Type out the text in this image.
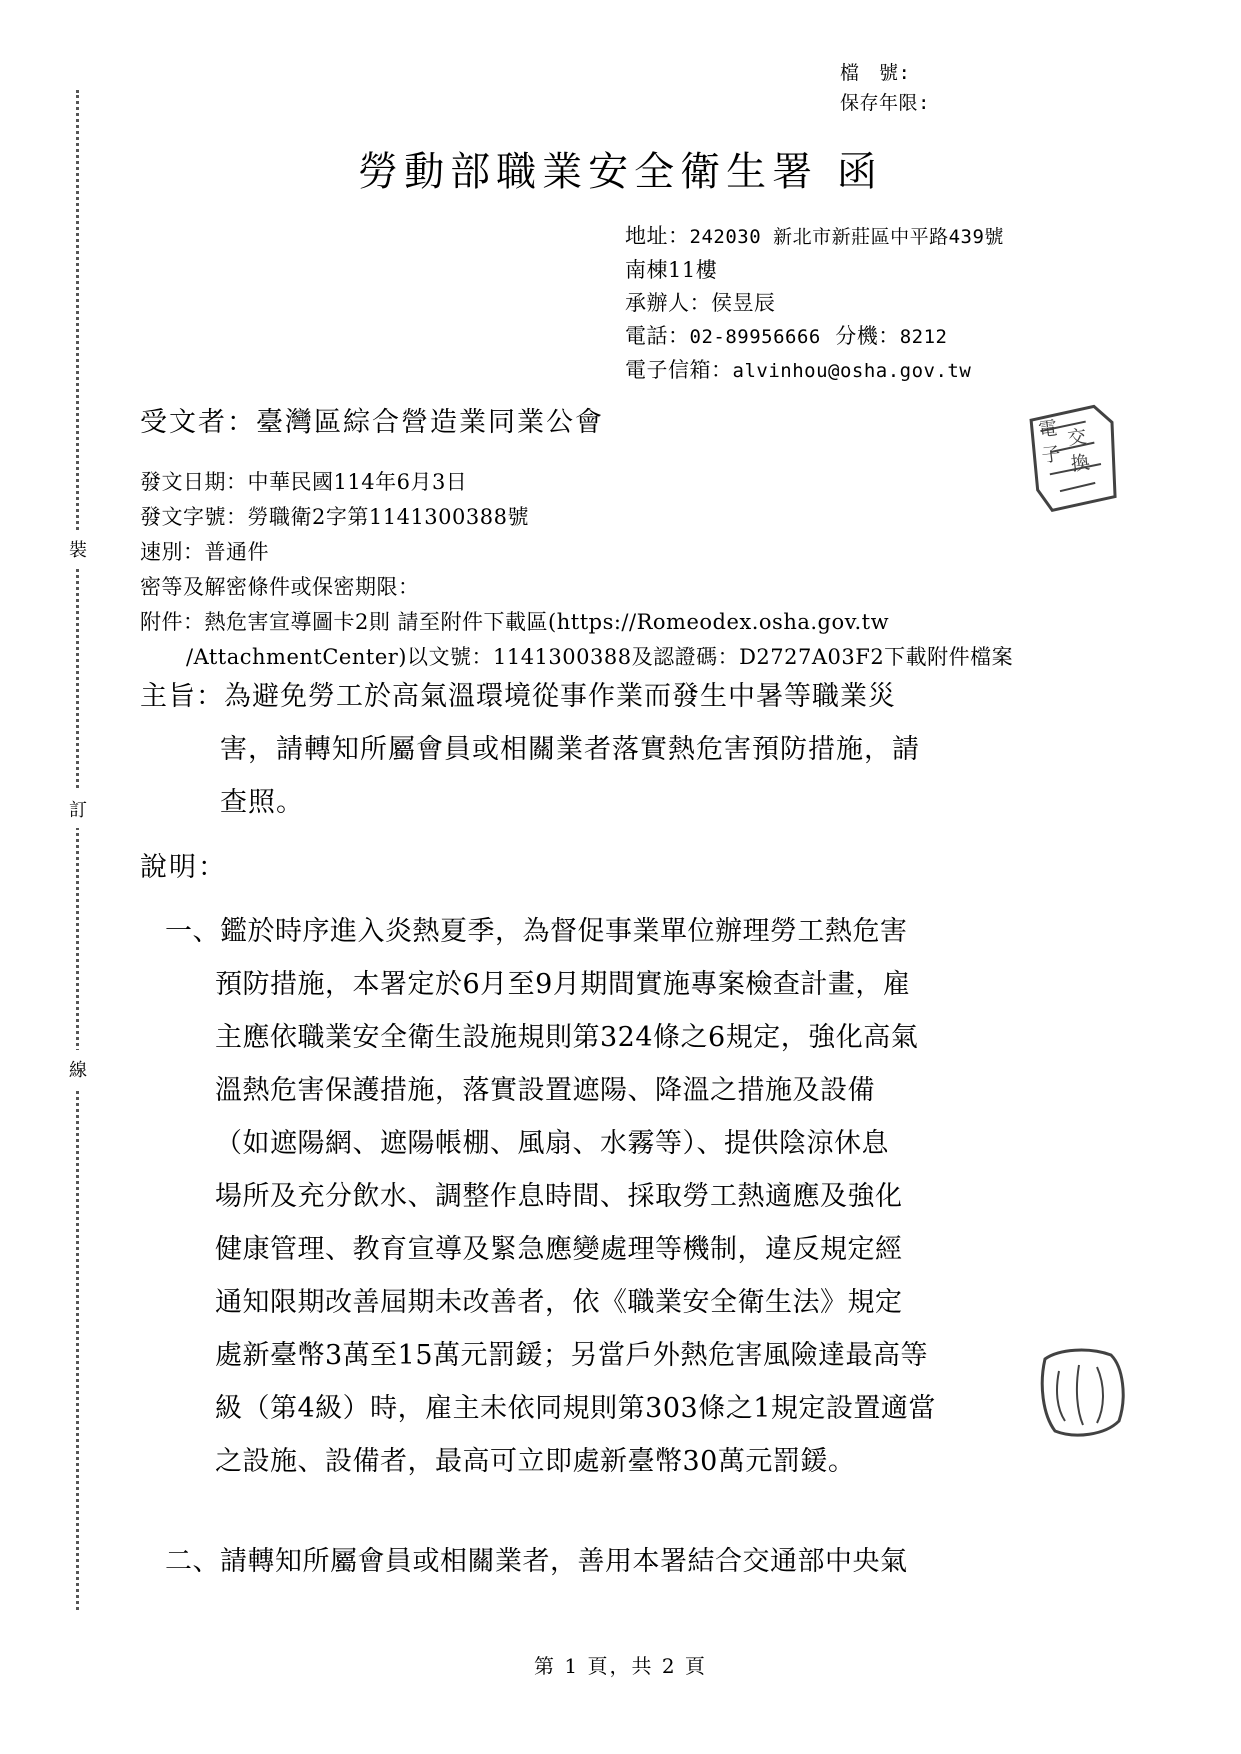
檔　號:
保存年限:
勞動部職業安全衛生署 函
地址：242030 新北市新莊區中平路439號
南棟11樓
承辦人：侯昱辰
電話：02-89956666 分機：8212
電子信箱：alvinhou@osha.gov.tw
受文者：臺灣區綜合營造業同業公會
發文日期：中華民國114年6月3日
發文字號：勞職衛2字第1141300388號
速別：普通件
密等及解密條件或保密期限：
附件：熱危害宣導圖卡2則 請至附件下載區(https://Romeodex.osha.gov.tw
/AttachmentCenter)以文號：1141300388及認證碼：D2727A03F2下載附件檔案
主旨：為避免勞工於高氣溫環境從事作業而發生中暑等職業災
害，請轉知所屬會員或相關業者落實熱危害預防措施，請
查照。
說明：
一、鑑於時序進入炎熱夏季，為督促事業單位辦理勞工熱危害
預防措施，本署定於6月至9月期間實施專案檢查計畫，雇
主應依職業安全衛生設施規則第324條之6規定，強化高氣
溫熱危害保護措施，落實設置遮陽、降溫之措施及設備
（如遮陽網、遮陽帳棚、風扇、水霧等）、提供陰涼休息
場所及充分飲水、調整作息時間、採取勞工熱適應及強化
健康管理、教育宣導及緊急應變處理等機制，違反規定經
通知限期改善屆期未改善者，依《職業安全衛生法》規定
處新臺幣3萬至15萬元罰鍰；另當戶外熱危害風險達最高等
級（第4級）時，雇主未依同規則第303條之1規定設置適當
之設施、設備者，最高可立即處新臺幣30萬元罰鍰。
二、請轉知所屬會員或相關業者，善用本署結合交通部中央氣
裝
訂
線
電子
交換
第 1 頁，共 2 頁
